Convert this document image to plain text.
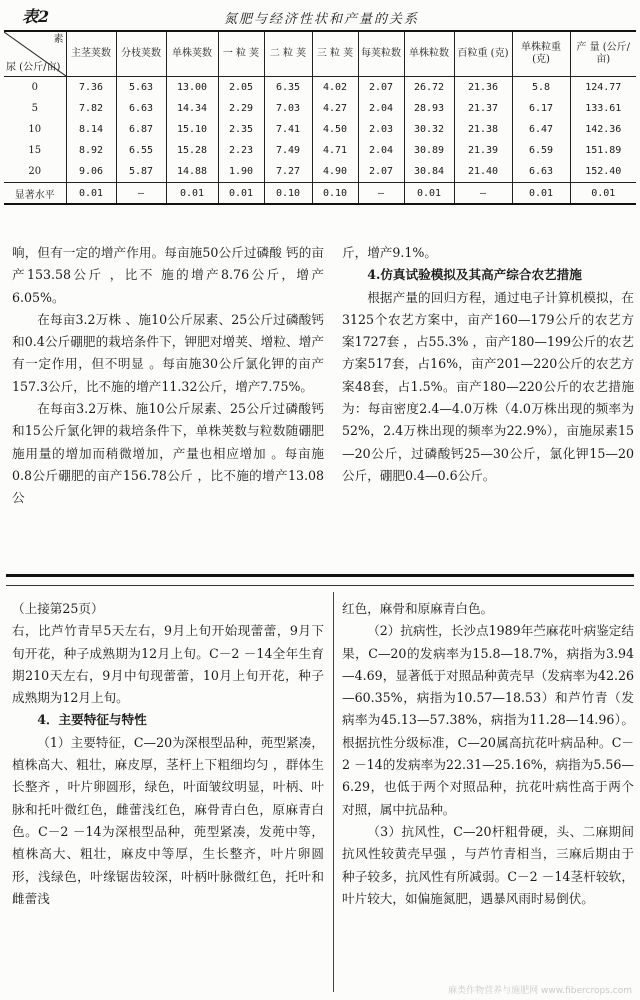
表2	氮肥与经济性状和产量的关系
素
尿 (公斤/亩)	主茎荚数	分枝荚数	单株荚数	一 粒 荚	二 粒 荚	三 粒 荚	每荚粒数	单株粒数	百粒重 (克)	单株粒重 (克)	产 量 (公斤/亩)
0	7.36	5.63	13.00	2.05	6.35	4.02	2.07	26.72	21.36	5.8	124.77
5	7.82	6.63	14.34	2.29	7.03	4.27	2.04	28.93	21.37	6.17	133.61
10	8.14	6.87	15.10	2.35	7.41	4.50	2.03	30.32	21.38	6.47	142.36
15	8.92	6.55	15.28	2.23	7.49	4.71	2.04	30.89	21.39	6.59	151.89
20	9.06	5.87	14.88	1.90	7.27	4.90	2.07	30.84	21.40	6.63	152.40
显著水平	0.01	—	0.01	0.01	0.10	0.10	—	0.01	—	0.01	0.01

响，但有一定的增产作用。每亩施50公斤过磷酸 钙的亩产153.58公斤 ，比不 施的增产8.76公斤，增产 6.05%。

在每亩3.2万株 、施10公斤尿素、25公斤过磷酸钙和0.4公斤硼肥的栽培条件下，钾肥对增荚、增粒、增产有一定作用，但不明显 。每亩施30公斤氯化钾的亩产157.3公斤，比不施的增产11.32公斤，增产7.75%。

在每亩3.2万株、施10公斤尿素、25公斤过磷酸钙和15公斤氯化钾的栽培条件下，单株荚数与粒数随硼肥施用量的增加而稍微增加，产量也相应增加 。每亩施0.8公斤硼肥的亩产156.78公斤 ，比不施的增产13.08公

斤，增产9.1%。

4.仿真试验模拟及其高产综合农艺措施

根据产量的回归方程，通过电子计算机模拟，在3125个农艺方案中，亩产160—179公斤的农艺方案1727套 ，占55.3% ，亩产180—199公斤的农艺方案517套，占16%，亩产201—220公斤的农艺方案48套，占1.5%。亩产180—220公斤的农艺措施为：每亩密度2.4—4.0万株（4.0万株出现的频率为52%，2.4万株出现的频率为22.9%），亩施尿素15—20公斤，过磷酸钙25—30公斤，氯化钾15—20公斤，硼肥0.4—0.6公斤。

（上接第25页）

右，比芦竹青早5天左右，9月上旬开始现蕾蕾，9月下旬开花，种子成熟期为12月上旬。C－2 －14全年生育期210天左右，9月中旬现蕾蕾，10月上旬开花，种子成熟期为12月上旬。

4．主要特征与特性

（1）主要特征，C—20为深根型品种，蔸型紧凑，植株高大、粗壮，麻皮厚，茎杆上下粗细均匀 ，群体生长整齐 ，叶片卵圆形，绿色，叶面皱纹明显，叶柄、叶脉和托叶微红色，雌蕾浅红色，麻骨青白色，原麻青白色。C－2 －14为深根型品种，蔸型紧凑，发蔸中等，植株高大、粗壮，麻皮中等厚，生长整齐，叶片卵圆形，浅绿色，叶缘锯齿较深，叶柄叶脉微红色，托叶和雌蕾浅

红色，麻骨和原麻青白色。

（2）抗病性，长沙点1989年苎麻花叶病鉴定结果，C—20的发病率为15.8—18.7%，病指为3.94—4.69，显著低于对照品种黄壳早（发病率为42.26—60.35%，病指为10.57—18.53）和芦竹青（发病率为45.13—57.38%，病指为11.28—14.96）。根据抗性分级标准，C—20属高抗花叶病品种。C－2 －14的发病率为22.31—25.16%，病指为5.56—6.29，也低于两个对照品种，抗花叶病性高于两个对照，属中抗品种。

（3）抗风性，C—20杆粗骨硬，头、二麻期间抗风性较黄壳早强 ，与芦竹青相当，三麻后期由于种子较多，抗风性有所减弱。C－2 －14茎杆较软，叶片较大，如偏施氮肥，遇暴风雨时易倒伏。

麻类作物营养与施肥网 www.fibercrops.com
